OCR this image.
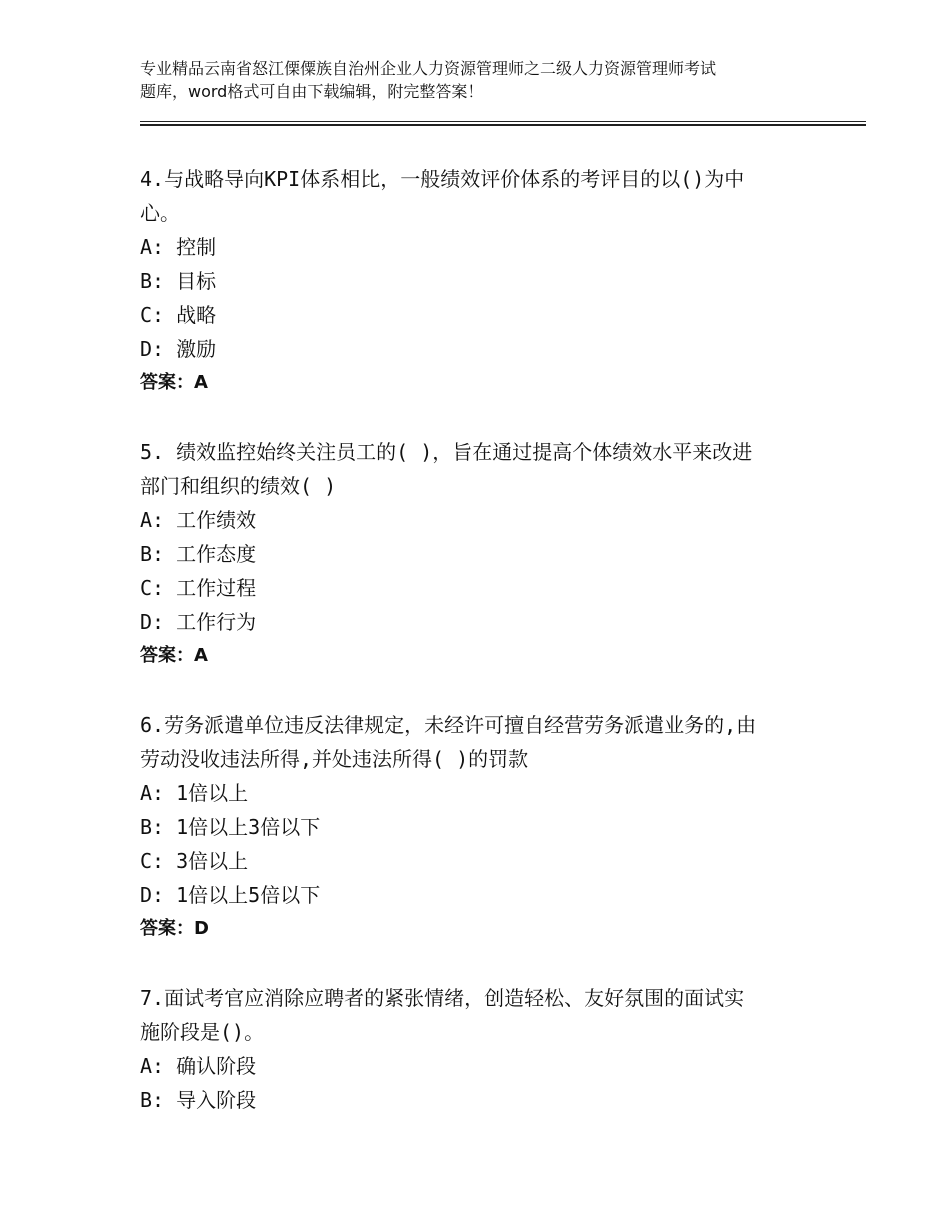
专业精品云南省怒江傈僳族自治州企业人力资源管理师之二级人力资源管理师考试
题库，word格式可自由下载编辑，附完整答案！
4.与战略导向KPI体系相比，一般绩效评价体系的考评目的以()为中
心。
A: 控制
B: 目标
C: 战略
D: 激励
答案：A
5. 绩效监控始终关注员工的( )，旨在通过提高个体绩效水平来改进
部门和组织的绩效( )
A: 工作绩效
B: 工作态度
C: 工作过程
D: 工作行为
答案：A
6.劳务派遣单位违反法律规定，未经许可擅自经营劳务派遣业务的,由
劳动没收违法所得,并处违法所得( )的罚款
A: 1倍以上
B: 1倍以上3倍以下
C: 3倍以上
D: 1倍以上5倍以下
答案：D
7.面试考官应消除应聘者的紧张情绪，创造轻松、友好氛围的面试实
施阶段是()。
A: 确认阶段
B: 导入阶段
